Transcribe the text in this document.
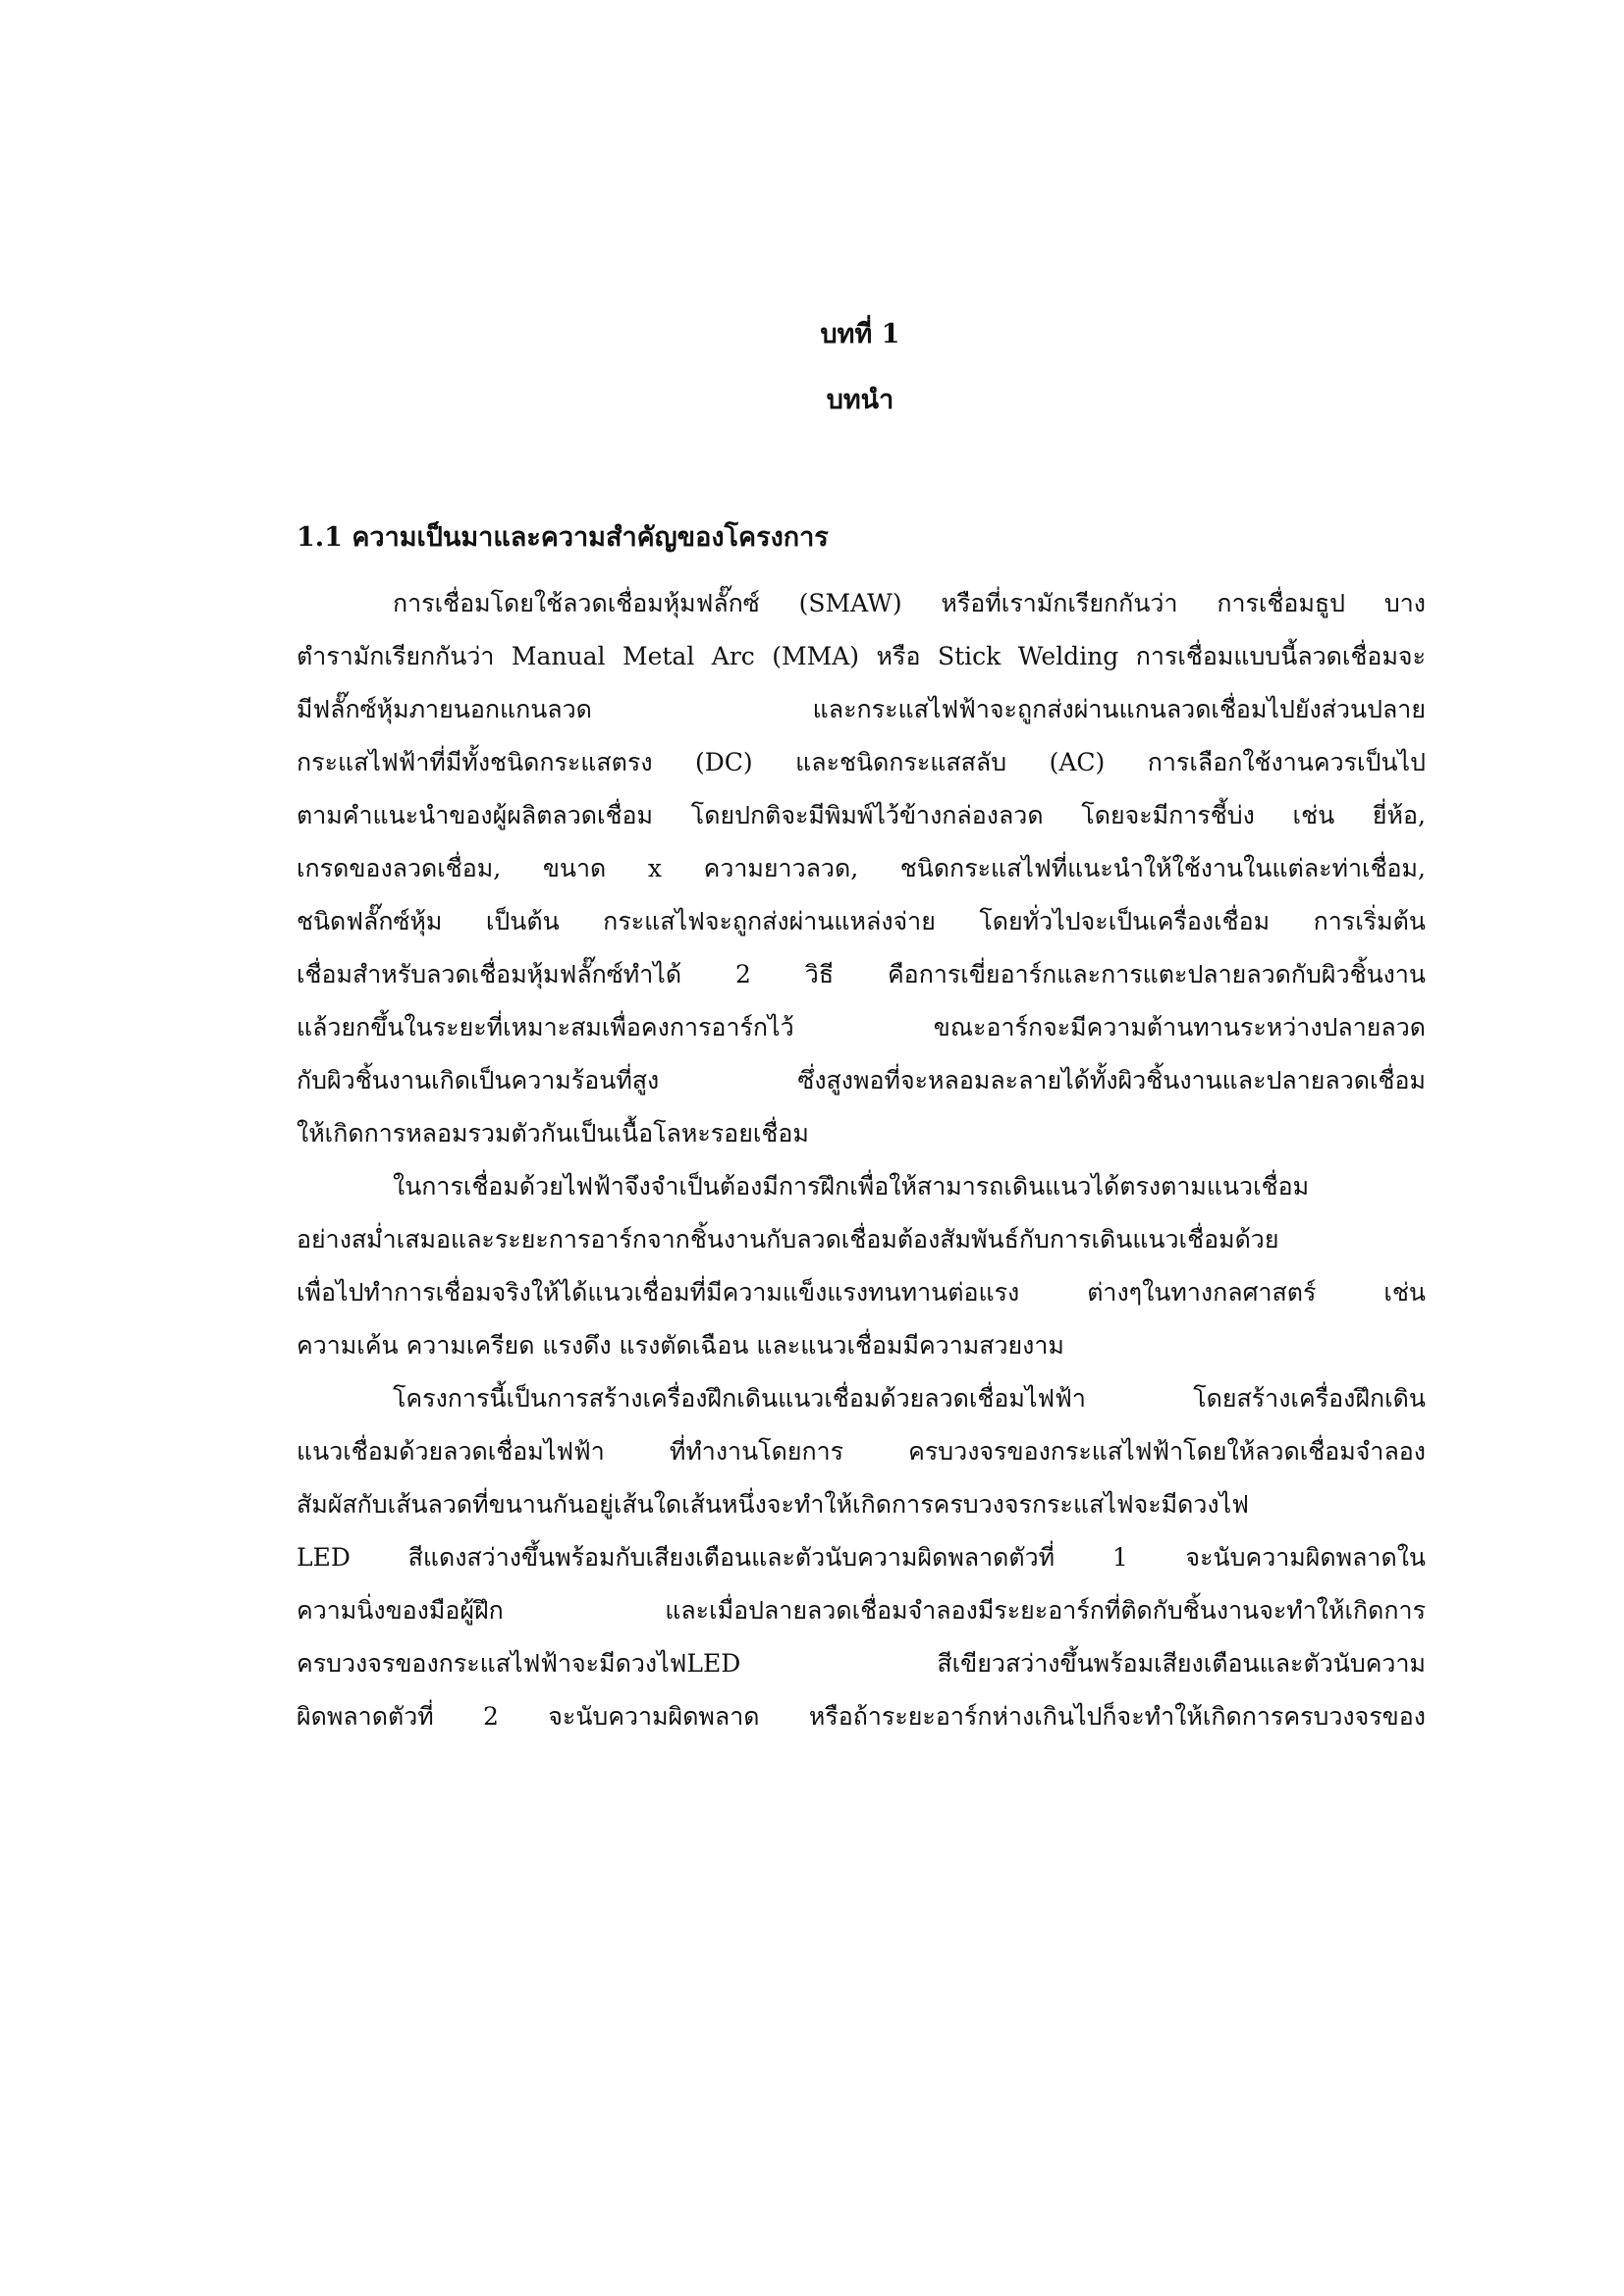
บทที่ 1
บทนำ
1.1 ความเป็นมาและความสำคัญของโครงการ
การเชื่อมโดยใช้ลวดเชื่อมหุ้มฟลั๊กซ์ (SMAW) หรือที่เรามักเรียกกันว่า การเชื่อมธูป บาง
ตำรามักเรียกกันว่า Manual Metal Arc (MMA) หรือ Stick Welding การเชื่อมแบบนี้ลวดเชื่อมจะ
มีฟลั๊กซ์หุ้มภายนอกแกนลวด และกระแสไฟฟ้าจะถูกส่งผ่านแกนลวดเชื่อมไปยังส่วนปลาย
กระแสไฟฟ้าที่มีทั้งชนิดกระแสตรง (DC) และชนิดกระแสสลับ (AC) การเลือกใช้งานควรเป็นไป
ตามคำแนะนำของผู้ผลิตลวดเชื่อม โดยปกติจะมีพิมพ์ไว้ข้างกล่องลวด โดยจะมีการชี้บ่ง เช่น ยี่ห้อ,
เกรดของลวดเชื่อม, ขนาด x ความยาวลวด, ชนิดกระแสไฟที่แนะนำให้ใช้งานในแต่ละท่าเชื่อม,
ชนิดฟลั๊กซ์หุ้ม เป็นต้น กระแสไฟจะถูกส่งผ่านแหล่งจ่าย โดยทั่วไปจะเป็นเครื่องเชื่อม การเริ่มต้น
เชื่อมสำหรับลวดเชื่อมหุ้มฟลั๊กซ์ทำได้ 2 วิธี คือการเขี่ยอาร์กและการแตะปลายลวดกับผิวชิ้นงาน
แล้วยกขึ้นในระยะที่เหมาะสมเพื่อคงการอาร์กไว้ ขณะอาร์กจะมีความต้านทานระหว่างปลายลวด
กับผิวชิ้นงานเกิดเป็นความร้อนที่สูง ซึ่งสูงพอที่จะหลอมละลายได้ทั้งผิวชิ้นงานและปลายลวดเชื่อม
ให้เกิดการหลอมรวมตัวกันเป็นเนื้อโลหะรอยเชื่อม
ในการเชื่อมด้วยไฟฟ้าจึงจำเป็นต้องมีการฝึกเพื่อให้สามารถเดินแนวได้ตรงตามแนวเชื่อม
อย่างสม่ำเสมอและระยะการอาร์กจากชิ้นงานกับลวดเชื่อมต้องสัมพันธ์กับการเดินแนวเชื่อมด้วย
เพื่อไปทำการเชื่อมจริงให้ได้แนวเชื่อมที่มีความแข็งแรงทนทานต่อแรง ต่างๆในทางกลศาสตร์ เช่น
ความเค้น ความเครียด แรงดึง แรงตัดเฉือน และแนวเชื่อมมีความสวยงาม
โครงการนี้เป็นการสร้างเครื่องฝึกเดินแนวเชื่อมด้วยลวดเชื่อมไฟฟ้า โดยสร้างเครื่องฝึกเดิน
แนวเชื่อมด้วยลวดเชื่อมไฟฟ้า ที่ทำงานโดยการ ครบวงจรของกระแสไฟฟ้าโดยให้ลวดเชื่อมจำลอง
สัมผัสกับเส้นลวดที่ขนานกันอยู่เส้นใดเส้นหนึ่งจะทำให้เกิดการครบวงจรกระแสไฟจะมีดวงไฟ
LED สีแดงสว่างขึ้นพร้อมกับเสียงเตือนและตัวนับความผิดพลาดตัวที่ 1 จะนับความผิดพลาดใน
ความนิ่งของมือผู้ฝึก และเมื่อปลายลวดเชื่อมจำลองมีระยะอาร์กที่ติดกับชิ้นงานจะทำให้เกิดการ
ครบวงจรของกระแสไฟฟ้าจะมีดวงไฟLED สีเขียวสว่างขึ้นพร้อมเสียงเตือนและตัวนับความ
ผิดพลาดตัวที่ 2 จะนับความผิดพลาด หรือถ้าระยะอาร์กห่างเกินไปก็จะทำให้เกิดการครบวงจรของ
